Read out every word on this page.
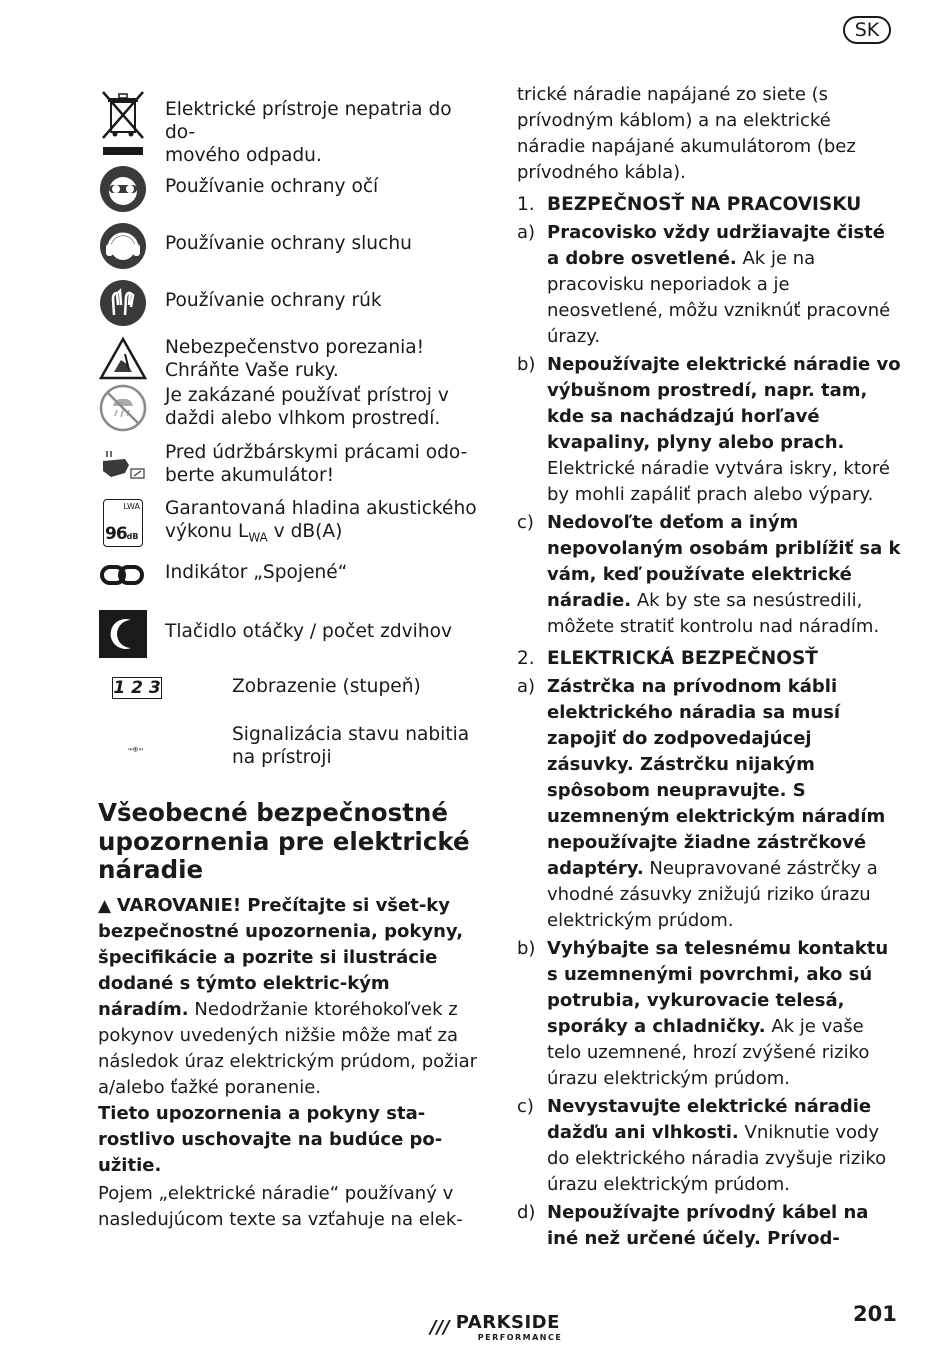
SK
Elektrické prístroje nepatria do do-
mového odpadu.
Používanie ochrany očí
Používanie ochrany sluchu
Používanie ochrany rúk
Nebezpečenstvo porezania!
Chráňte Vaše ruky.
Je zakázané používať prístroj v
daždi alebo vlhkom prostredí.
Pred údržbárskymi prácami odo-
berte akumulátor!
LWA
96dB
Garantovaná hladina akustického
výkonu $L_{WA}$ v dB(A)
Indikátor „Spojené“
Tlačidlo otáčky / počet zdvihov
1 2 3	Zobrazenie (stupeň)
Signalizácia stavu nabitia
na prístroji
Všeobecné bezpečnostné upozornenia pre elektrické náradie

▲ VAROVANIE! Prečítajte si všet-ky bezpečnostné upozornenia, pokyny, špecifikácie a pozrite si ilustrácie dodané s týmto elektric-kým náradím. Nedodržanie ktoréhokoľvek z pokynov uvedených nižšie môže mať za následok úraz elektrickým prúdom, požiar a/alebo ťažké poranenie.

Tieto upozornenia a pokyny sta-rostlivo uschovajte na budúce po-užitie.

Pojem „elektrické náradie“ používaný v nasledujúcom texte sa vzťahuje na elek-

trické náradie napájané zo siete (s prívodným káblom) a na elektrické náradie napájané akumulátorom (bez prívodného kábla).

1. BEZPEČNOSŤ NA PRACOVISKU
a) Pracovisko vždy udržiavajte čisté a dobre osvetlené. Ak je na pracovisku neporiadok a je neosvetlené, môžu vzniknúť pracovné úrazy.
b) Nepoužívajte elektrické náradie vo výbušnom prostredí, napr. tam, kde sa nachádzajú horľavé kvapaliny, plyny alebo prach. Elektrické náradie vytvára iskry, ktoré by mohli zapáliť prach alebo výpary.
c) Nedovoľte deťom a iným nepovolaným osobám priblížiť sa k vám, keď používate elektrické náradie. Ak by ste sa nesústredili, môžete stratiť kontrolu nad náradím.
2. ELEKTRICKÁ BEZPEČNOSŤ
a) Zástrčka na prívodnom kábli elektrického náradia sa musí zapojiť do zodpovedajúcej zásuvky. Zástrčku nijakým spôsobom neupravujte. S uzemneným elektrickým náradím nepoužívajte žiadne zástrčkové adaptéry. Neupravované zástrčky a vhodné zásuvky znižujú riziko úrazu elektrickým prúdom.
b) Vyhýbajte sa telesnému kontaktu s uzemnenými povrchmi, ako sú potrubia, vykurovacie telesá, sporáky a chladničky. Ak je vaše telo uzemnené, hrozí zvýšené riziko úrazu elektrickým prúdom.
c) Nevystavujte elektrické náradie dažďu ani vlhkosti. Vniknutie vody do elektrického náradia zvyšuje riziko úrazu elektrickým prúdom.
d) Nepoužívajte prívodný kábel na iné než určené účely. Prívod-
/// PARKSIDE
PERFORMANCE
201
